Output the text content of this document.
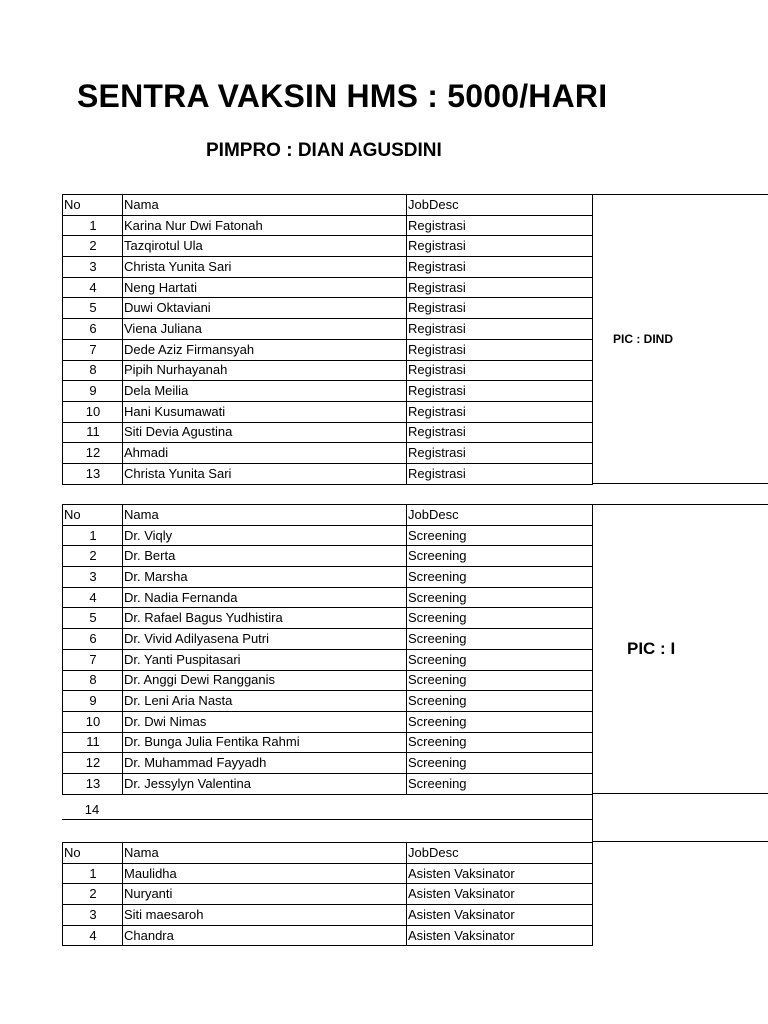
SENTRA VAKSIN HMS : 5000/HARI
PIMPRO : DIAN AGUSDINI
No	Nama	JobDesc
1	Karina Nur Dwi Fatonah	Registrasi
2	Tazqirotul Ula	Registrasi
3	Christa Yunita Sari	Registrasi
4	Neng Hartati	Registrasi
5	Duwi Oktaviani	Registrasi
6	Viena Juliana	Registrasi
7	Dede Aziz Firmansyah	Registrasi
8	Pipih Nurhayanah	Registrasi
9	Dela Meilia	Registrasi
10	Hani Kusumawati	Registrasi
11	Siti Devia Agustina	Registrasi
12	Ahmadi	Registrasi
13	Christa Yunita Sari	Registrasi
PIC : DIND
No	Nama	JobDesc
1	Dr. Viqly	Screening
2	Dr. Berta	Screening
3	Dr. Marsha	Screening
4	Dr. Nadia Fernanda	Screening
5	Dr. Rafael Bagus Yudhistira	Screening
6	Dr. Vivid Adilyasena Putri	Screening
7	Dr. Yanti Puspitasari	Screening
8	Dr. Anggi Dewi Rangganis	Screening
9	Dr. Leni Aria Nasta	Screening
10	Dr. Dwi Nimas	Screening
11	Dr. Bunga Julia Fentika Rahmi	Screening
12	Dr. Muhammad Fayyadh	Screening
13	Dr. Jessylyn Valentina	Screening
PIC : I
14
No	Nama	JobDesc
1	Maulidha	Asisten Vaksinator
2	Nuryanti	Asisten Vaksinator
3	Siti maesaroh	Asisten Vaksinator
4	Chandra	Asisten Vaksinator
